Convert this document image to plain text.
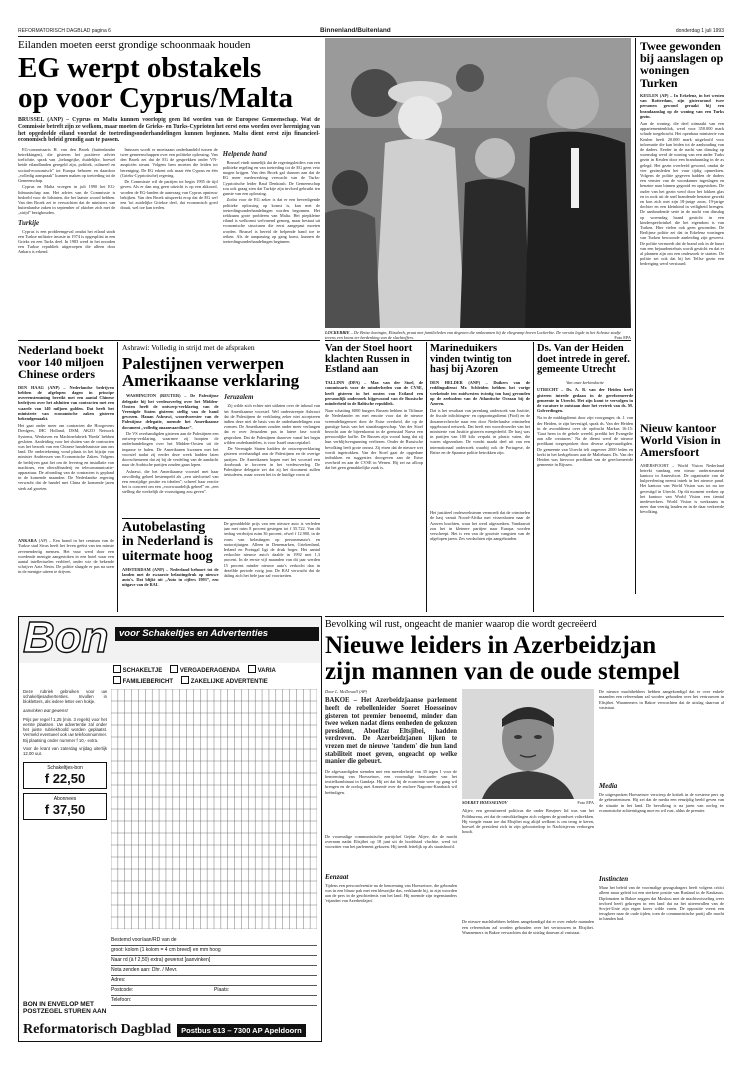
REFORMATORISCH DAGBLAD pagina 6	Binnenland/Buitenland	donderdag 1 juli 1993
Eilanden moeten eerst grondige schoonmaak houden
EG werpt obstakels
op voor Cyprus/Malta
BRUSSEL (ANP) – Cyprus en Malta kunnen voorlopig geen lid worden van de Europese Gemeenschap. Wat de Commissie betreft zijn ze welkom, maar moeten de Grieks- en Turks-Cyprioten het eerst eens worden over hereniging van het opgedeelde eiland voordat de toetredingsonderhandelingen kunnen beginnen. Malta dient eerst zijn financieel-economisch beleid grondig aan te passen.

EG-commissaris H. van den Broek (buitenlandse betrekkingen), die gisteren het positieve advies toelichtte, sprak van „belangrijke, duidelijke, hoewel beide eilandlanden geregeld zijn, politiek, cultureel en sociaal-economisch” tot Europa behoren en daardoor „volledig aanspraak” kunnen maken op toetreding tot de Gemeenschap.

Cyprus en Malta vroegen in juli 1990 het EG-lidmaatschap aan. Het advies van de Commissie is bedoeld voor de lidstaten, die het laatste woord hebben. Van den Broek zei te verwachten dat de ministers van buitenlandse zaken in september of oktober zich met de „strijd” bezighouden.

Turkije

Cyprus is een probleemgeval omdat het eiland sinds een Turkse militaire invasie in 1974 is opgesplitst in een Grieks en een Turks deel. In 1983 werd in het noorden een Turkse republiek uitgeroepen die alleen door Ankara is erkend.

Intussen wordt er moeizaam onderhandeld tussen de twee gemeenschappen over een politieke oplossing. Van den Broek zei dat de EG de gesprekken onder VN-auspiciën steunt. Volgens hem moeten die leiden tot hereniging. De EG erkent ook maar één Cyprus en één (Grieks-Cypriotische) regering.

De Commissie wil de partijen tot begin 1995 de tijd geven. Als er dan nog geen uitzicht is op een akkoord, worden de EG-landen de aanvraag van Cyprus opnieuw bekijken. Van den Broek uitspreekt erop dat de EG wel een 'tot zuidelijke Griekse deel, dat economisch goed draait, wel toe kan treden.

Helpende hand

Brussel vindt namelijk dat de regeringsleiders van een politieke regeling en van toetreding tot de EG geen veto mogen krijgen. Van den Broek gaf daarom aan dat de EG meer medewerking verwacht van de Turks-Cypriotische leider Rauf Denktash. De Gemeenschap zou ook graag zien dat Turkije zijn invloed gebruikt ten gunste van een oplossing.

Zodra voor de EG zeker is dat er een bevredigende politieke oplossing op komst is, kan met de toetredingsonderhandelingen worden begonnen. Het zeldzaam grote probleem van Malta. Het piepkleine eiland is welkomst welvarend genoeg, maar bestaat uit economische structuren die eerst aangepast moeten worden. Brussel is bereid de helpende hand toe te reiken. Als de aanpassing op gang komt, kunnen de toetredingsonderhandelingen beginnen.

LOCKERBIE – De Britse koningin, Elizabeth, praat met familieleden van degenen die omkwamen bij de vliegramp boven Lockerbie. De vorstin legde in het Schotse stadje tevens een krans ter herdenking van de slachtoffers.	Foto EPA
Twee gewonden bij aanslagen op woningen Turken
KEULEN (AP) – In Erkelenz, in het westen van Rotterdam, zijn gisteravond twee personen gewond geraakt bij een brandaanslag op de woning van een Turks gezin.
Aan de woning, die deel uitmaakt van een appartementenblok, werd voor 350.000 mark schade toegebracht. Het openbaar ministerie van Keulen heeft 20.000 mark uitgeloofd voor informatie die kan leiden tot de aanhouding van de daders. Eerder in de nacht van dinsdag op woensdag werd de woning van een ander Turks gezin in Keulen door een brandaanslag in de as gelegd. Het gezin overleefd gewond, omdat de vier gezinsleden het vuur tijdig opmerkten. Volgens de politie gegeven hadden de daders een venster van de woonkamer ingeslagen en benzine naar binnen gegooid en opgestoken. De ouder van het gezin werd door het lokken glas en in rook uit de snel brandende benzine gewekt en kon zich met zijn 18-jarige zoon, 19-jarige dochter en een kleinkind in veiligheid brengen. De aanhoudende serie in de nacht van dinsdag op woensdag brand gesticht in een kinderspeelwinkel die het eigendom is van Turken. Hier vielen ook geen gewonden. De Berlijnse politie zei dat in Erkelenz woningen van Turken bewoonde aanleiding zijn geweest. De politie vermoedt dat de brand ook in de buurt van een bejaardentehuis wordt gesticht en dat er al plannen zijn om een onderzoek te starten. De politie zei ook dat bij het Telfse gezin een bedreiging werd verstuurd.
Nieuw kantoor World Vision in Amersfoort
AMERSFOORT – World Vision Nederland betrekt vandaag een nieuw ondersteunend kantoor in Amersfoort. De organisatie van de hulpverlening neemt intrek in het nieuwe pand. Het kantoor van World Vision was tot nu toe gevestigd in Utrecht. Op dit moment werken op het kantoor van World Vision een tiental medewerkers. World Vision is werkzaam in meer dan veertig landen en in de daar verkeerde bevolking.
Nederland boekt voor 140 miljoen Chinese orders
DEN HAAG (ANP) – Nederlandse bedrijven hebben de afgelopen dagen in principe overeenstemming bereikt met een aantal Chinese bedrijven over het afsluiten van contracten met een waarde van 140 miljoen gulden. Dat heeft het ministerie van economische zaken gisteren bekendgemaakt.
Het gaat onder meer om contracten die Hoogovens Dredgers, IHC Holland, DSM, AKZO Network Systems, Weshaven en Machinefabriek 'Breda' hebben gesloten. Aanleiding voor het sluiten van de contracten was het bezoek van een Chinese handelsmissie aan ons land. De ondertekening vond plaats in het bijzijn van minister Andriessen van Economische Zaken. Volgens de bedrijven gaat het om de levering en installatie van machines, een olieraffinaderij en telecommunicatie-apparatuur. De afronding van de contracten is gepland in de komende maanden. De Nederlandse regering verwacht dat de handel met China de komende jaren sterk zal groeien.
ANKARA (AP) – Een brand in het centrum van de Turkse stad Sivas heeft het leven geëist van ten minste zevenendertig mensen. Het vuur werd door een woedende menigte aangestoken in een hotel waar een aantal intellectuelen verbleef, onder wie de bekende schrijver Aziz Nesin. De politie slaagde er pas na uren in de menigte uiteen te drijven.
Ashrawi: Volledig in strijd met de afspraken
Palestijnen verwerpen Amerikaanse verklaring

WASHINGTON (REUTER) – De Palestijnse delegatie bij het vredesoverleg over het Midden-Oosten heeft de ontwerp-verklaring van de Verenigde Staten gisteren stellig van de hand gewezen. Hanan Ashrawi, woordvoerster van de Palestijnse delegatie, noemde het Amerikaanse document „volledig onaanvaardbaar”.

De VS overhandigden gisteren aan de Palestijnen een ontwerp-verklaring, waarmee zij hoopten de onderhandelingen over het Midden-Oosten uit de impasse te halen. De Amerikanen kwamen met het voorstel nadat zij eerder deze week hadden laten doorschemeren dat zij bij de verdeling van de aandacht naar de Arabische partijen zouden gaan lopen.

Ashrawi, die het Amerikaanse voorstel met haar onvolledig geheel bestempeld als „een uitvloeisel van een eenzijdige positie en idealen”, schreef haar reactie het is concreet om een „voorwaardelijk geheel” en „een stelling die werkelijk de vooruitgang zou geven”.

Jeruzalem

Zij wilde zich echter niet uitlaten over de inhoud van het Amerikaanse voorstel. Wel onderstreepte Ashrawi dat de Palestijnen de verklaring zeker niet accepteren indien deze niet de basis van de onderhandelingen zou vormen. De Amerikanen zouden onder meer verlangen dat er over Jeruzalem pas in latere fase wordt gesproken. Dat de Palestijnen daarover vanaf het begin wilden onderhandelen, is voor Israël onacceptabel.

De Verenigde Staten hadden de ontwerpverklaring gisteren overhandigd aan de Palestijnen en de overige partijen. De Amerikanen hopen met het voorstel een doorbraak te forceren in het vredesoverleg. De Palestijnse delegatie zei dat zij het document zullen bestuderen, maar wezen het in de huidige vorm af.

Autobelasting in Nederland is uitermate hoog
AMSTERDAM (ANP) – Nederland behoort tot de landen met de zwaarste belastingdruk op nieuwe auto's. Dat blijkt uit „Auto in cijfers 1993”, een uitgave van de RAI.
De gemiddelde prijs van een nieuwe auto is verleden jaar met ruim 8 procent gestegen tot f 35.722. Van dit bedrag verdwijnt ruim 36 procent, ofwel f 12.900, in de vorm van belastingen op personenauto's en motorrijtuigen. Alleen in Denemarken, Griekenland, Ierland en Portugal ligt de druk hoger. Het aantal verkochte nieuwe auto's daalde in 1992 met 1,3 procent. In de eerste vijf maanden van dit jaar werden 15 procent minder nieuwe auto's verkocht dan in dezelfde periode vorig jaar. De RAI verwacht dat de daling zich het hele jaar zal voortzetten.
Van der Stoel hoort klachten Russen in Estland aan
TALLINN (DPA) – Max van der Stoel, de commissaris voor de minderheden van de CVSE, heeft gisteren in het oosten van Estland een persoonlijk onderzoek bijgewoond van de Russische minderheid in de Baltische republiek.
Naar schatting 6000 burgers Russen hebben in Tiilimae de Nederlander en met emotie voor dat de nieuwe vreemdelingenwet door de Estse overheid, die op de gunstige basis van het staatsburgerschap. Van der Stoel bezocht aan de bijeenkomst in de grensstad Narva een persoonlijke koffie. De Russen zijn vooral bang dat zij hun verblijfsvergunning verliezen. Onder de Russische bevolking leeft grote onrust. Zij eisen dat de nieuwe wet wordt ingetrokken. Van der Stoel gaat de opgedane indrukken en suggesties doorgeven aan de Estse overheid en aan de CVSE in Wenen. Hij zei na afloop dat het geen gemakkelijke zaak is.
Marineduikers vinden twintig ton hasj bij Azoren
DEN HELDER (ANP) – Duikers van de reddingsdienst Mr. Schleiden hebben het vorige weekeinde ten zuidwesten twintig ton hasj gevonden op de zeebodem van de Atlantische Oceaan bij de Azoren.
Dat is het resultaat van jarenlang onderzoek van Justitie, de fiscale inlichtingen- en opsporingsdienst (Fiod) en de douanerecherche naar een door Nederlandse criminelen opgebouwd netwerk. Dat heeft een woordvoerder van het ministerie van Justitie gisteren meegedeeld. De hasj was in partijen van 100 kilo verpakt in plastic vaten, die waren afgezonken. De vondst maakt deel uit van een internationaal onderzoek waarbij ook de Portugese, de Britse en de Spaanse politie betrokken zijn.
Het justitieel onderzoeksteam vermoedt dat de criminelen de hasj vanuit Noord-Afrika met vissersboten naar de Azoren brachten, waar het werd afgezonken. Vandaaruit zou het in kleinere partijen naar Europa worden verscheept. Het is een van de grootste vangsten van de afgelopen jaren. Zes verdachten zijn aangehouden.
Ds. Van der Heiden doet intrede in geref. gemeente Utrecht
Van onze kerkredactie
UTRECHT – Ds. A. B. van der Heiden heeft gisteren intrede gedaan in de gereformeerde gemeente in Utrecht. Het zijn komt te vervolgen in de vacature te ontstaan door het vertrek van ds. M. Golverdingen.
Na in de middagdienst door zijn voorganger, ds. J. van der Heiden, te zijn bevestigd, sprak ds. Van der Heiden in de avonddienst over de opdracht Markus 16:15: 'Gaat heen in de gehele wereld, predikt het Evangelie aan alle creaturen.' Na de dienst werd de nieuwe predikant toegesproken door diverse afgevaardigden. De gemeente van Utrecht telt ongeveer 2000 leden en kerkt in het kerkgebouw aan de Maliebaan. Ds. Van der Heiden was hiervoor predikant van de gereformeerde gemeente in Rijssen.
Bon	voor Schakeltjes en Advertenties
SCHAKELTJE	VERGADERAGENDA	VARIA
FAMILIEBERICHT	ZAKELIJKE ADVERTENTIE
Deze rubriek gebruiken voor uw schakeltjesadvertenties. Invullen in blokletters, als iedere letter een hokje.
aanvinken wat gewenst
Prijs per regel f 1,25 (min. 3 regels) voor het eerste plaatsen. Uw advertentie zal onder het juiste rubriekhoofd worden geplaatst. Vermeld eventueel ook uw telefoonnummer. Bij plaatsing onder nummer f 10,- extra.
Voor de krant van zaterdag vrijdag uiterlijk 12.00 uur.
Schakeltjes-bon
f 22,50
Abonnees
f 37,50
Bestemd voor/aan/RD van de
groot: kolom (1 kolom = 4 cm breed) en mm hoog
Naar rd (à f 2,50) extra) gewenst [aanvinken]
Nota zenden aan: Dhr. / Mevr.
Adres:
Postcode:	Plaats:
Telefoon:
BON IN ENVELOP MET
POSTZEGEL STUREN AAN
Reformatorisch Dagblad	Postbus 613 – 7300 AP Apeldoorn
Bevolking wil rust, ongeacht de manier waarop die wordt gecreëerd
Nieuwe leiders in Azerbeidzjan
zijn mannen van de oude stempel
Door L. McDowall (AP)
BAKOE – Het Azerbeidzjaanse parlement heeft de rebellenleider Soeret Hoesseinov gisteren tot premier benoemd, minder dan twee weken nadat diens eenheden de gekozen president, Aboelfaz Eltsjibei, hadden verdreven. De Azerbeidzjanen lijken te vrezen met de nieuwe 'tandem' die hun land stabiliteit moet geven, ongeacht op welke manier die gebeurt.
De afgevaardigden stemden met een meerderheid van 35 tegen 1 voor de benoeming van Hoesseinov, een voormalige bestuurder van het textielkombinaat in Gandzja. Hij zei dat hij de economie weer op gang wil brengen en de oorlog met Armenië over de enclave Nagorno-Karabach wil beëindigen.
De voormalige communistische partijchef Gejdar Alijev, die de macht overnam nadat Eltsjibei op 18 juni uit de hoofdstad vluchtte, werd tot voorzitter van het parlement gekozen. Hij treedt feitelijk op als staatshoofd.
Eenzaat
Tijdens een persconferentie na de benoeming van Hoesseinov, die gebonden was in een blauw pak met een kleurrijke das, verklaarde hij, in zijn woorden aan de pers in de geschiedenis van het land. Hij noemde zijn tegenstanders 'vijanden van Azerbeidzjan'.
SOERET HOESSEINOV	Foto EPA
Alijev, een geroutineerd politicus die onder Brezjnev lid was van het Politbureau, zei dat de ontwikkelingen zich volgens de grondwet voltrekken. Hij voegde eraan toe dat Eltsjibei nog altijd welkom is om terug te keren, hoewel de president zich in zijn geboortedorp in Nachitsjevan verborgen houdt.
De nieuwe machthebbers hebben aangekondigd dat er over enkele maanden een referendum zal worden gehouden over het vertrouwen in Eltsjibei. Waarnemers in Bakoe verwachten dat de uitslag daarvan al vaststaat.
De nieuwe machthebbers hebben aangekondigd dat er over enkele maanden een referendum zal worden gehouden over het vertrouwen in Eltsjibei. Waarnemers in Bakoe verwachten dat de uitslag daarvan al vaststaat.
Media
De uitgesproken Hoesseinov verwierp de kritiek in de westerse pers op de gebeurtenissen. Hij zei dat de media een eenzijdig beeld geven van de situatie in het land. De bevolking is na jaren van oorlog en economische achteruitgang moe en wil rust, aldus de premier.
Instincten
Maar het beleid van de voormalige gezagsdragers heeft volgens critici alleen maar geleid tot een sterkere positie van Rusland in de Kaukasus. Diplomaten in Bakoe zeggen dat Moskou met de machtswisseling weer invloed heeft gekregen in een land dat na het uiteenvallen van de Sovjet-Unie zijn eigen koers wilde varen. De oppositie vreest een terugkeer naar de oude tijden, toen de communistische partij alle macht in handen had.
